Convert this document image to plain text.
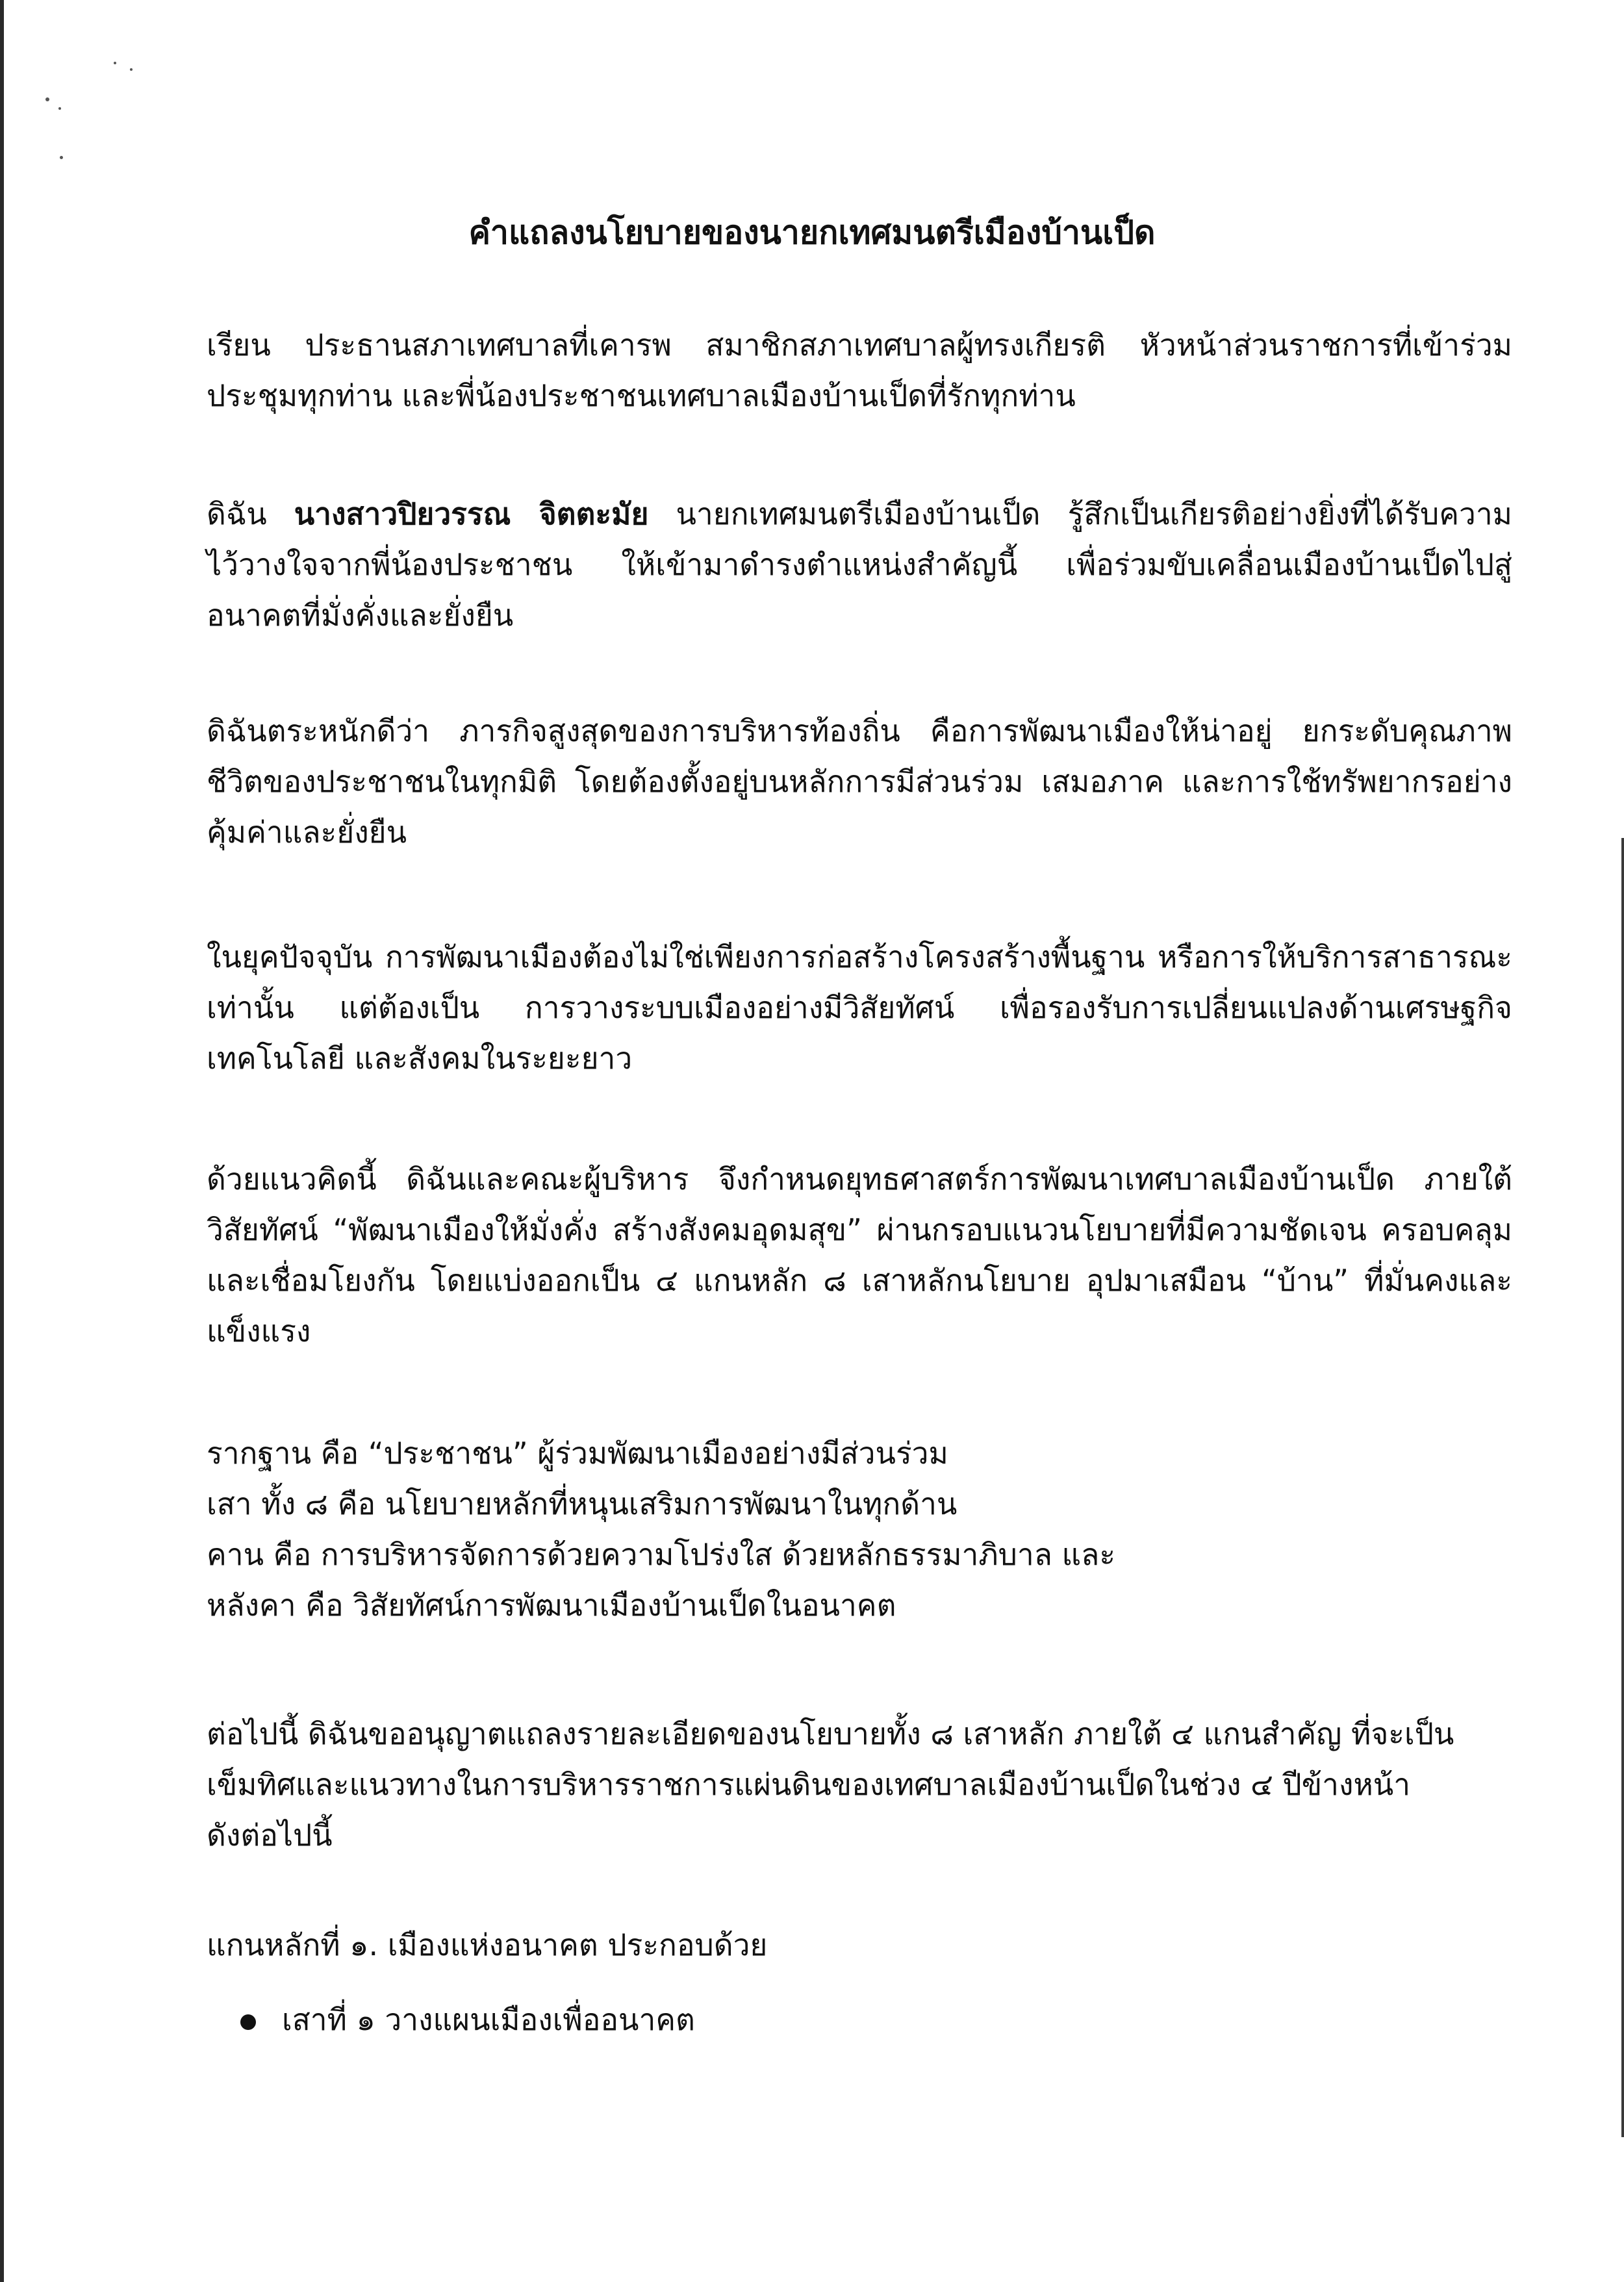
คำแถลงนโยบายของนายกเทศมนตรีเมืองบ้านเป็ด
เรียน ประธานสภาเทศบาลที่เคารพ สมาชิกสภาเทศบาลผู้ทรงเกียรติ หัวหน้าส่วนราชการที่เข้าร่วม
ประชุมทุกท่าน และพี่น้องประชาชนเทศบาลเมืองบ้านเป็ดที่รักทุกท่าน
ดิฉัน นางสาวปิยวรรณ จิตตะมัย นายกเทศมนตรีเมืองบ้านเป็ด รู้สึกเป็นเกียรติอย่างยิ่งที่ได้รับความ
ไว้วางใจจากพี่น้องประชาชน ให้เข้ามาดำรงตำแหน่งสำคัญนี้ เพื่อร่วมขับเคลื่อนเมืองบ้านเป็ดไปสู่
อนาคตที่มั่งคั่งและยั่งยืน
ดิฉันตระหนักดีว่า ภารกิจสูงสุดของการบริหารท้องถิ่น คือการพัฒนาเมืองให้น่าอยู่ ยกระดับคุณภาพ
ชีวิตของประชาชนในทุกมิติ โดยต้องตั้งอยู่บนหลักการมีส่วนร่วม เสมอภาค และการใช้ทรัพยากรอย่าง
คุ้มค่าและยั่งยืน
ในยุคปัจจุบัน การพัฒนาเมืองต้องไม่ใช่เพียงการก่อสร้างโครงสร้างพื้นฐาน หรือการให้บริการสาธารณะ
เท่านั้น แต่ต้องเป็น การวางระบบเมืองอย่างมีวิสัยทัศน์ เพื่อรองรับการเปลี่ยนแปลงด้านเศรษฐกิจ
เทคโนโลยี และสังคมในระยะยาว
ด้วยแนวคิดนี้ ดิฉันและคณะผู้บริหาร จึงกำหนดยุทธศาสตร์การพัฒนาเทศบาลเมืองบ้านเป็ด ภายใต้
วิสัยทัศน์ “พัฒนาเมืองให้มั่งคั่ง สร้างสังคมอุดมสุข” ผ่านกรอบแนวนโยบายที่มีความชัดเจน ครอบคลุม
และเชื่อมโยงกัน โดยแบ่งออกเป็น ๔ แกนหลัก ๘ เสาหลักนโยบาย อุปมาเสมือน “บ้าน” ที่มั่นคงและ
แข็งแรง
รากฐาน คือ “ประชาชน” ผู้ร่วมพัฒนาเมืองอย่างมีส่วนร่วม
เสา ทั้ง ๘ คือ นโยบายหลักที่หนุนเสริมการพัฒนาในทุกด้าน
คาน คือ การบริหารจัดการด้วยความโปร่งใส ด้วยหลักธรรมาภิบาล และ
หลังคา คือ วิสัยทัศน์การพัฒนาเมืองบ้านเป็ดในอนาคต
ต่อไปนี้ ดิฉันขออนุญาตแถลงรายละเอียดของนโยบายทั้ง ๘ เสาหลัก ภายใต้ ๔ แกนสำคัญ ที่จะเป็น
เข็มทิศและแนวทางในการบริหารราชการแผ่นดินของเทศบาลเมืองบ้านเป็ดในช่วง ๔ ปีข้างหน้า
ดังต่อไปนี้
แกนหลักที่ ๑. เมืองแห่งอนาคต ประกอบด้วย
เสาที่ ๑ วางแผนเมืองเพื่ออนาคต
